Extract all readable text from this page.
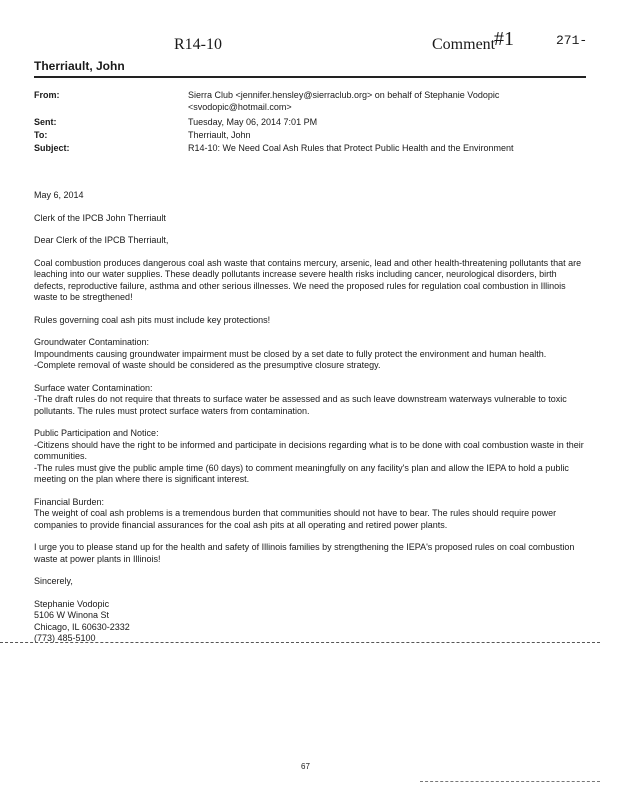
R14-10	Comment
#1	271-
Therriault, John
From:	Sierra Club <jennifer.hensley@sierraclub.org> on behalf of Stephanie Vodopic
<svodopic@hotmail.com>
Sent:	Tuesday, May 06, 2014 7:01 PM
To:	Therriault, John
Subject:	R14-10: We Need Coal Ash Rules that Protect Public Health and the Environment

May 6, 2014

Clerk of the IPCB John Therriault

Dear Clerk of the IPCB Therriault,

Coal combustion produces dangerous coal ash waste that contains mercury, arsenic, lead and other health-threatening pollutants that are leaching into our water supplies. These deadly pollutants increase severe health risks including cancer, neurological disorders, birth defects, reproductive failure, asthma and other serious illnesses. We need the proposed rules for regulation coal combustion in Illinois waste to be stregthened!

Rules governing coal ash pits must include key protections!

Groundwater Contamination:

Impoundments causing groundwater impairment must be closed by a set date to fully protect the environment and human health.

-Complete removal of waste should be considered as the presumptive closure strategy.

Surface water Contamination:

-The draft rules do not require that threats to surface water be assessed and as such leave downstream waterways vulnerable to toxic pollutants. The rules must protect surface waters from contamination.

Public Participation and Notice:

-Citizens should have the right to be informed and participate in decisions regarding what is to be done with coal combustion waste in their communities.

-The rules must give the public ample time (60 days) to comment meaningfully on any facility's plan and allow the IEPA to hold a public meeting on the plan where there is significant interest.

Financial Burden:

The weight of coal ash problems is a tremendous burden that communities should not have to bear. The rules should require power companies to provide financial assurances for the coal ash pits at all operating and retired power plants.

I urge you to please stand up for the health and safety of Illinois families by strengthening the IEPA's proposed rules on coal combustion waste at power plants in Illinois!

Sincerely,

Stephanie Vodopic

5106 W Winona St

Chicago, IL 60630-2332

(773) 485-5100

67
